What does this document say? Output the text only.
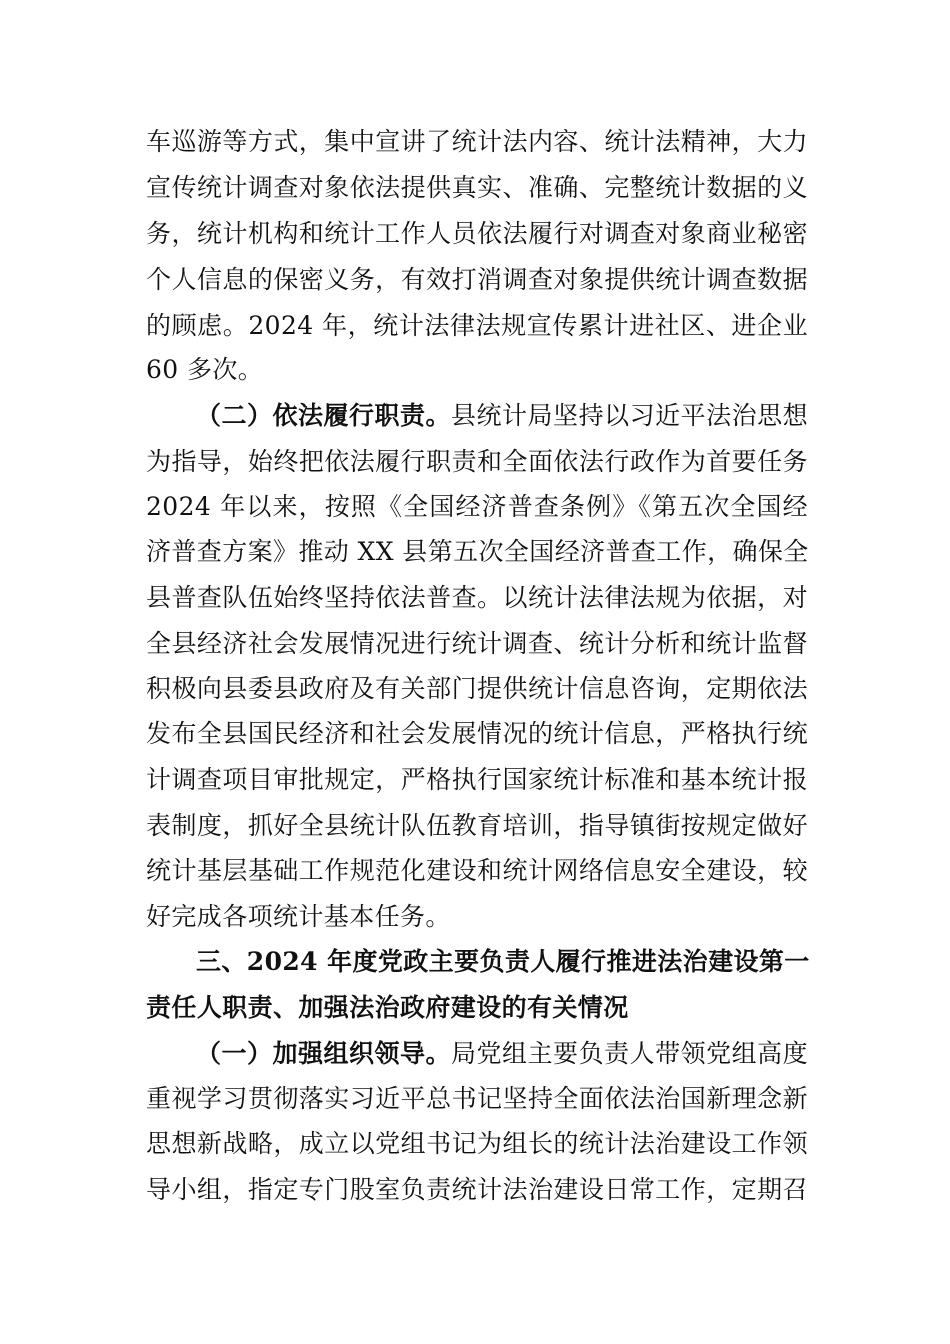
车巡游等方式，集中宣讲了统计法内容、统计法精神，大力
宣传统计调查对象依法提供真实、准确、完整统计数据的义
务，统计机构和统计工作人员依法履行对调查对象商业秘密
个人信息的保密义务，有效打消调查对象提供统计调查数据
的顾虑。2024 年，统计法律法规宣传累计进社区、进企业
60 多次。
（二）依法履行职责。县统计局坚持以习近平法治思想
为指导，始终把依法履行职责和全面依法行政作为首要任务
2024 年以来，按照《全国经济普查条例》《第五次全国经
济普查方案》推动 XX 县第五次全国经济普查工作，确保全
县普查队伍始终坚持依法普查。以统计法律法规为依据，对
全县经济社会发展情况进行统计调查、统计分析和统计监督
积极向县委县政府及有关部门提供统计信息咨询，定期依法
发布全县国民经济和社会发展情况的统计信息，严格执行统
计调查项目审批规定，严格执行国家统计标准和基本统计报
表制度，抓好全县统计队伍教育培训，指导镇街按规定做好
统计基层基础工作规范化建设和统计网络信息安全建设，较
好完成各项统计基本任务。
三、2024 年度党政主要负责人履行推进法治建设第一
责任人职责、加强法治政府建设的有关情况
（一）加强组织领导。局党组主要负责人带领党组高度
重视学习贯彻落实习近平总书记坚持全面依法治国新理念新
思想新战略，成立以党组书记为组长的统计法治建设工作领
导小组，指定专门股室负责统计法治建设日常工作，定期召
